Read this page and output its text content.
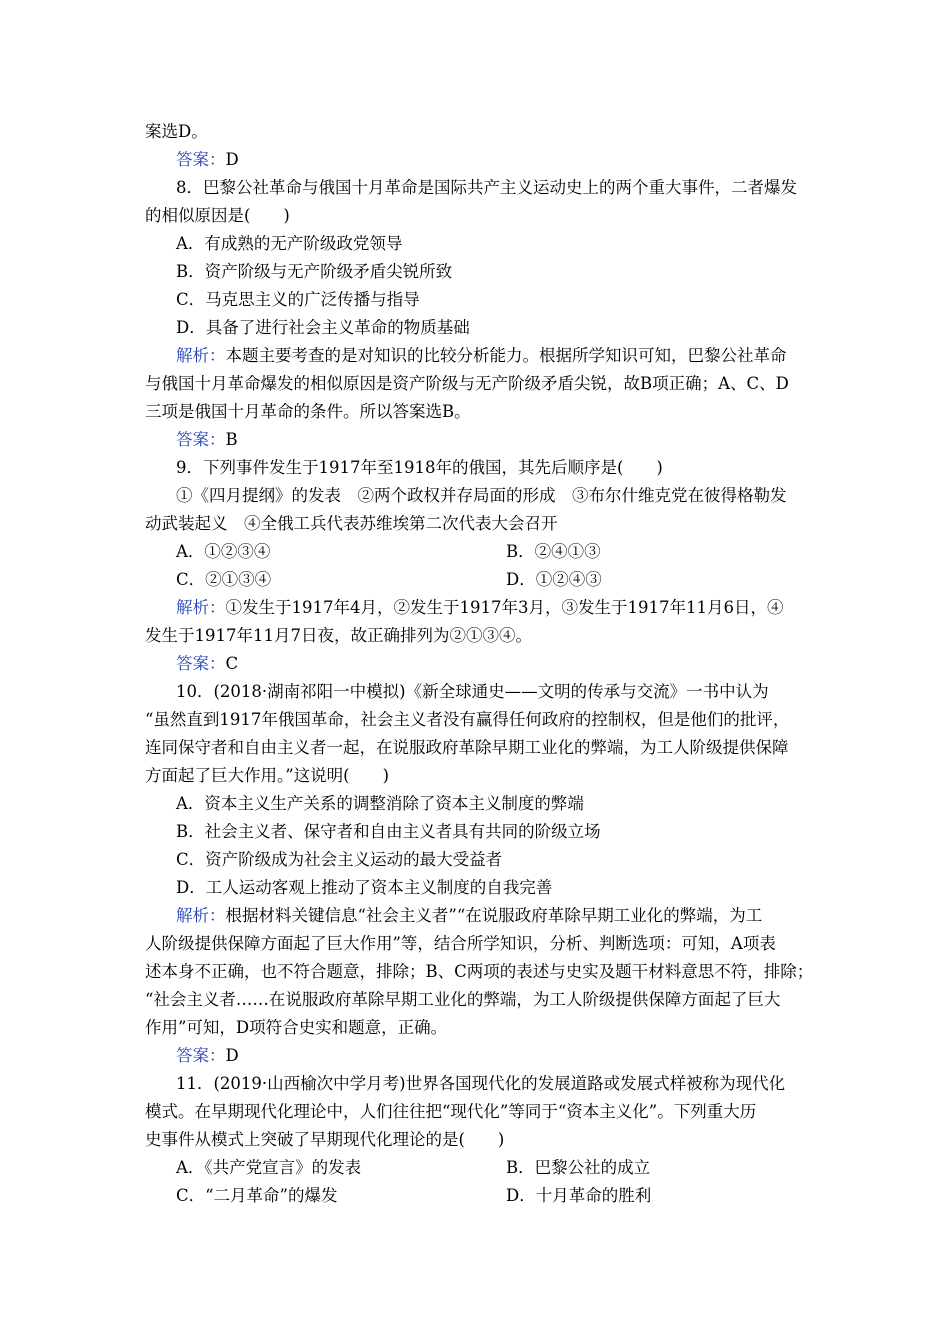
案选D。
答案：D
8．巴黎公社革命与俄国十月革命是国际共产主义运动史上的两个重大事件，二者爆发
的相似原因是(　　)
A．有成熟的无产阶级政党领导
B．资产阶级与无产阶级矛盾尖锐所致
C．马克思主义的广泛传播与指导
D．具备了进行社会主义革命的物质基础
解析：本题主要考查的是对知识的比较分析能力。根据所学知识可知，巴黎公社革命
与俄国十月革命爆发的相似原因是资产阶级与无产阶级矛盾尖锐，故B项正确；A、C、D
三项是俄国十月革命的条件。所以答案选B。
答案：B
9．下列事件发生于1917年至1918年的俄国，其先后顺序是(　　)
①《四月提纲》的发表　②两个政权并存局面的形成　③布尔什维克党在彼得格勒发
动武装起义　④全俄工兵代表苏维埃第二次代表大会召开
A．①②③④	B．②④①③
C．②①③④	D．①②④③
解析：①发生于1917年4月，②发生于1917年3月，③发生于1917年11月6日，④
发生于1917年11月7日夜，故正确排列为②①③④。
答案：C
10．(2018·湖南祁阳一中模拟)《新全球通史——文明的传承与交流》一书中认为
“虽然直到1917年俄国革命，社会主义者没有赢得任何政府的控制权，但是他们的批评，
连同保守者和自由主义者一起，在说服政府革除早期工业化的弊端，为工人阶级提供保障
方面起了巨大作用。”这说明(　　)
A．资本主义生产关系的调整消除了资本主义制度的弊端
B．社会主义者、保守者和自由主义者具有共同的阶级立场
C．资产阶级成为社会主义运动的最大受益者
D．工人运动客观上推动了资本主义制度的自我完善
解析：根据材料关键信息“社会主义者”“在说服政府革除早期工业化的弊端，为工
人阶级提供保障方面起了巨大作用”等，结合所学知识，分析、判断选项：可知，A项表
述本身不正确，也不符合题意，排除；B、C两项的表述与史实及题干材料意思不符，排除；
“社会主义者……在说服政府革除早期工业化的弊端，为工人阶级提供保障方面起了巨大
作用”可知，D项符合史实和题意，正确。
答案：D
11．(2019·山西榆次中学月考)世界各国现代化的发展道路或发展式样被称为现代化
模式。在早期现代化理论中，人们往往把“现代化”等同于“资本主义化”。下列重大历
史事件从模式上突破了早期现代化理论的是(　　)
A．《共产党宣言》的发表	B．巴黎公社的成立
C．“二月革命”的爆发	D．十月革命的胜利
